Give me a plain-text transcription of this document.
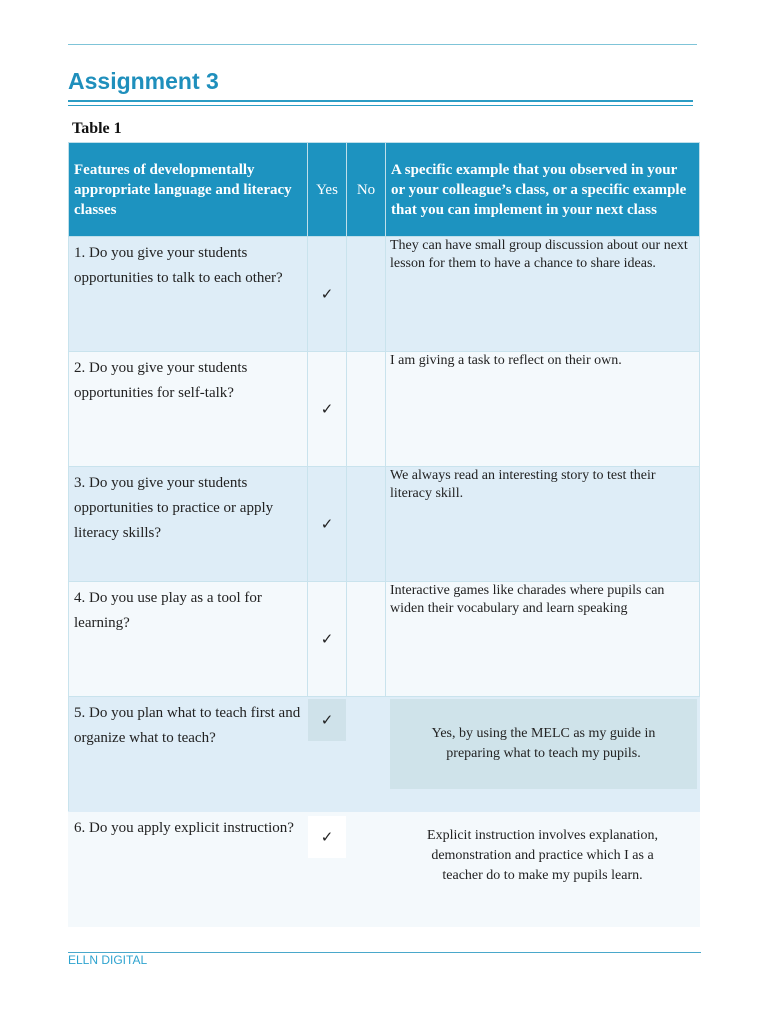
Assignment 3

Table 1

Features of developmentally appropriate language and literacy classes	Yes	No	A specific example that you observed in your or your colleague’s class, or a specific example that you can implement in your next class
1. Do you give your students opportunities to talk to each other?	✓		They can have small group discussion about our next lesson for them to have a chance to share ideas.
2. Do you give your students opportunities for self-talk?	✓		I am giving a task to reflect on their own.
3. Do you give your students opportunities to practice or apply literacy skills?	✓		We always read an interesting story to test their literacy skill.
4. Do you use play as a tool for learning?	✓		Interactive games like charades where pupils can widen their vocabulary and learn speaking
5. Do you plan what to teach first and organize what to teach?	✓		Yes, by using the MELC as my guide in preparing what to teach my pupils.

6. Do you apply explicit instruction?	✓		Explicit instruction involves explanation, demonstration and practice which I as a teacher do to make my pupils learn.
ELLN DIGITAL
